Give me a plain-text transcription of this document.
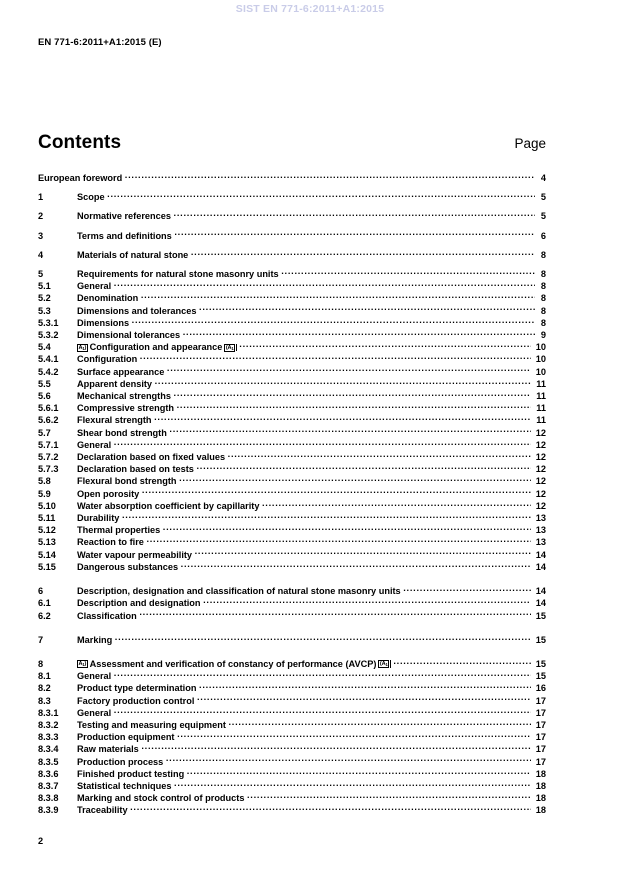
SIST EN 771-6:2011+A1:2015
EN 771-6:2011+A1:2015 (E)
Contents	Page
European foreword . . .	4
1	Scope . . .	5
2	Normative references . . .	5
3	Terms and definitions . . .	6
4	Materials of natural stone . . .	8
5	Requirements for natural stone masonry units . . .	8
5.1	General . . .	8
5.2	Denomination . . .	8
5.3	Dimensions and tolerances . . .	8
5.3.1	Dimensions . . .	8
5.3.2	Dimensional tolerances . . .	9
5.4	$A_1$) Configuration and appearance ($A_1$ . . .	10
5.4.1	Configuration . . .	10
5.4.2	Surface appearance . . .	10
5.5	Apparent density . . .	11
5.6	Mechanical strengths . . .	11
5.6.1	Compressive strength . . .	11
5.6.2	Flexural strength . . .	11
5.7	Shear bond strength . . .	12
5.7.1	General . . .	12
5.7.2	Declaration based on fixed values . . .	12
5.7.3	Declaration based on tests . . .	12
5.8	Flexural bond strength . . .	12
5.9	Open porosity . . .	12
5.10	Water absorption coefficient by capillarity . . .	12
5.11	Durability . . .	13
5.12	Thermal properties . . .	13
5.13	Reaction to fire . . .	13
5.14	Water vapour permeability . . .	14
5.15	Dangerous substances . . .	14
6	Description, designation and classification of natural stone masonry units . . .	14
6.1	Description and designation . . .	14
6.2	Classification . . .	15
7	Marking . . .	15
8	$A_1$) Assessment and verification of constancy of performance (AVCP) ($A_1$ . . .	15
8.1	General . . .	15
8.2	Product type determination . . .	16
8.3	Factory production control . . .	17
8.3.1	General . . .	17
8.3.2	Testing and measuring equipment . . .	17
8.3.3	Production equipment . . .	17
8.3.4	Raw materials . . .	17
8.3.5	Production process . . .	17
8.3.6	Finished product testing . . .	18
8.3.7	Statistical techniques . . .	18
8.3.8	Marking and stock control of products . . .	18
8.3.9	Traceability . . .	18
2
